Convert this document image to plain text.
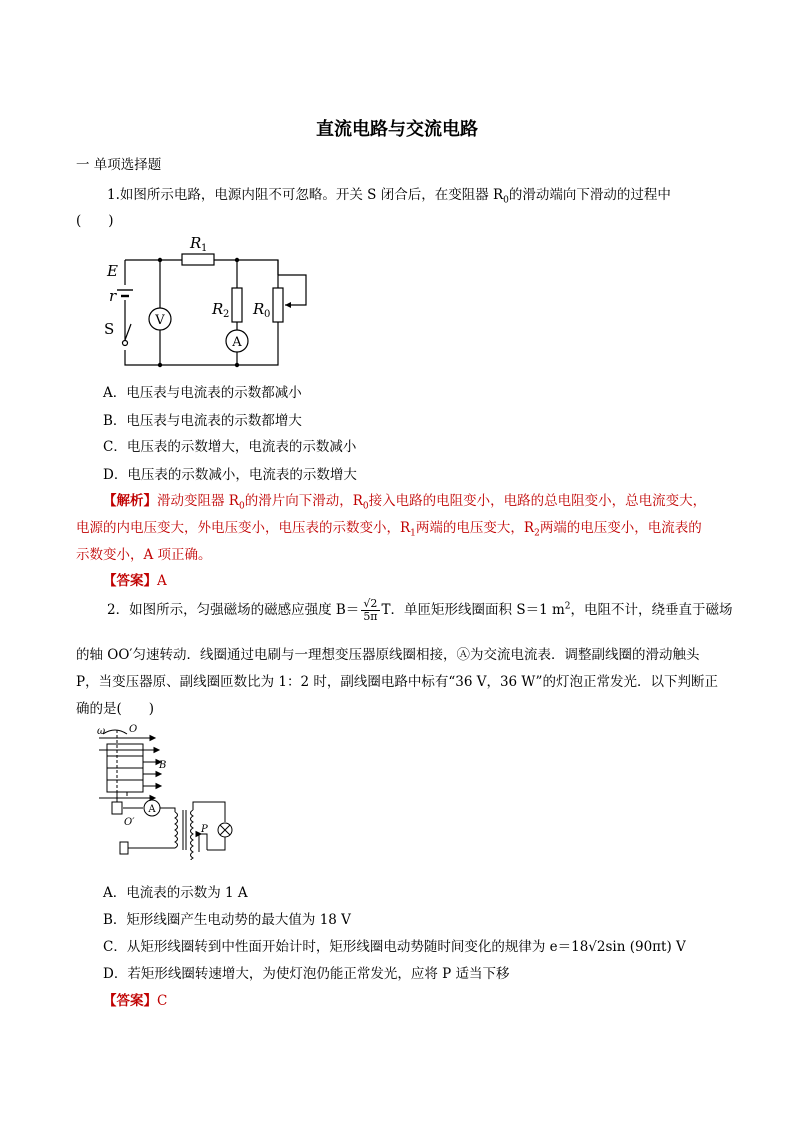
直流电路与交流电路
一 单项选择题
1.如图所示电路，电源内阻不可忽略。开关 S 闭合后，在变阻器 $R_0$的滑动端向下滑动的过程中
(　　)
E
r
S
R 1
R 2 R 0
V
A
A．电压表与电流表的示数都减小
B．电压表与电流表的示数都增大
C．电压表的示数增大，电流表的示数减小
D．电压表的示数减小，电流表的示数增大
【解析】滑动变阻器 $R_0$的滑片向下滑动，$R_0$接入电路的电阻变小，电路的总电阻变小，总电流变大，
电源的内电压变大，外电压变小，电压表的示数变小，$R_1$两端的电压变大，$R_2$两端的电压变小，电流表的
示数变小，A 项正确。
【答案】A
2．如图所示，匀强磁场的磁感应强度 $B= \frac{√2}{5\pi}$ T．单匝矩形线圈面积 S＝1 $m^2$，电阻不计，绕垂直于磁场
的轴 OO′匀速转动．线圈通过电刷与一理想变压器原线圈相接，Ⓐ为交流电流表．调整副线圈的滑动触头
P，当变压器原、副线圈匝数比为 1：2 时，副线圈电路中标有“36 V，36 W”的灯泡正常发光．以下判断正
确的是(　　)
ω O
B
O′
A
P
A．电流表的示数为 1 A
B．矩形线圈产生电动势的最大值为 18 V
C．从矩形线圈转到中性面开始计时，矩形线圈电动势随时间变化的规律为 e＝18√2sin (90πt) V
D．若矩形线圈转速增大，为使灯泡仍能正常发光，应将 P 适当下移
【答案】C
